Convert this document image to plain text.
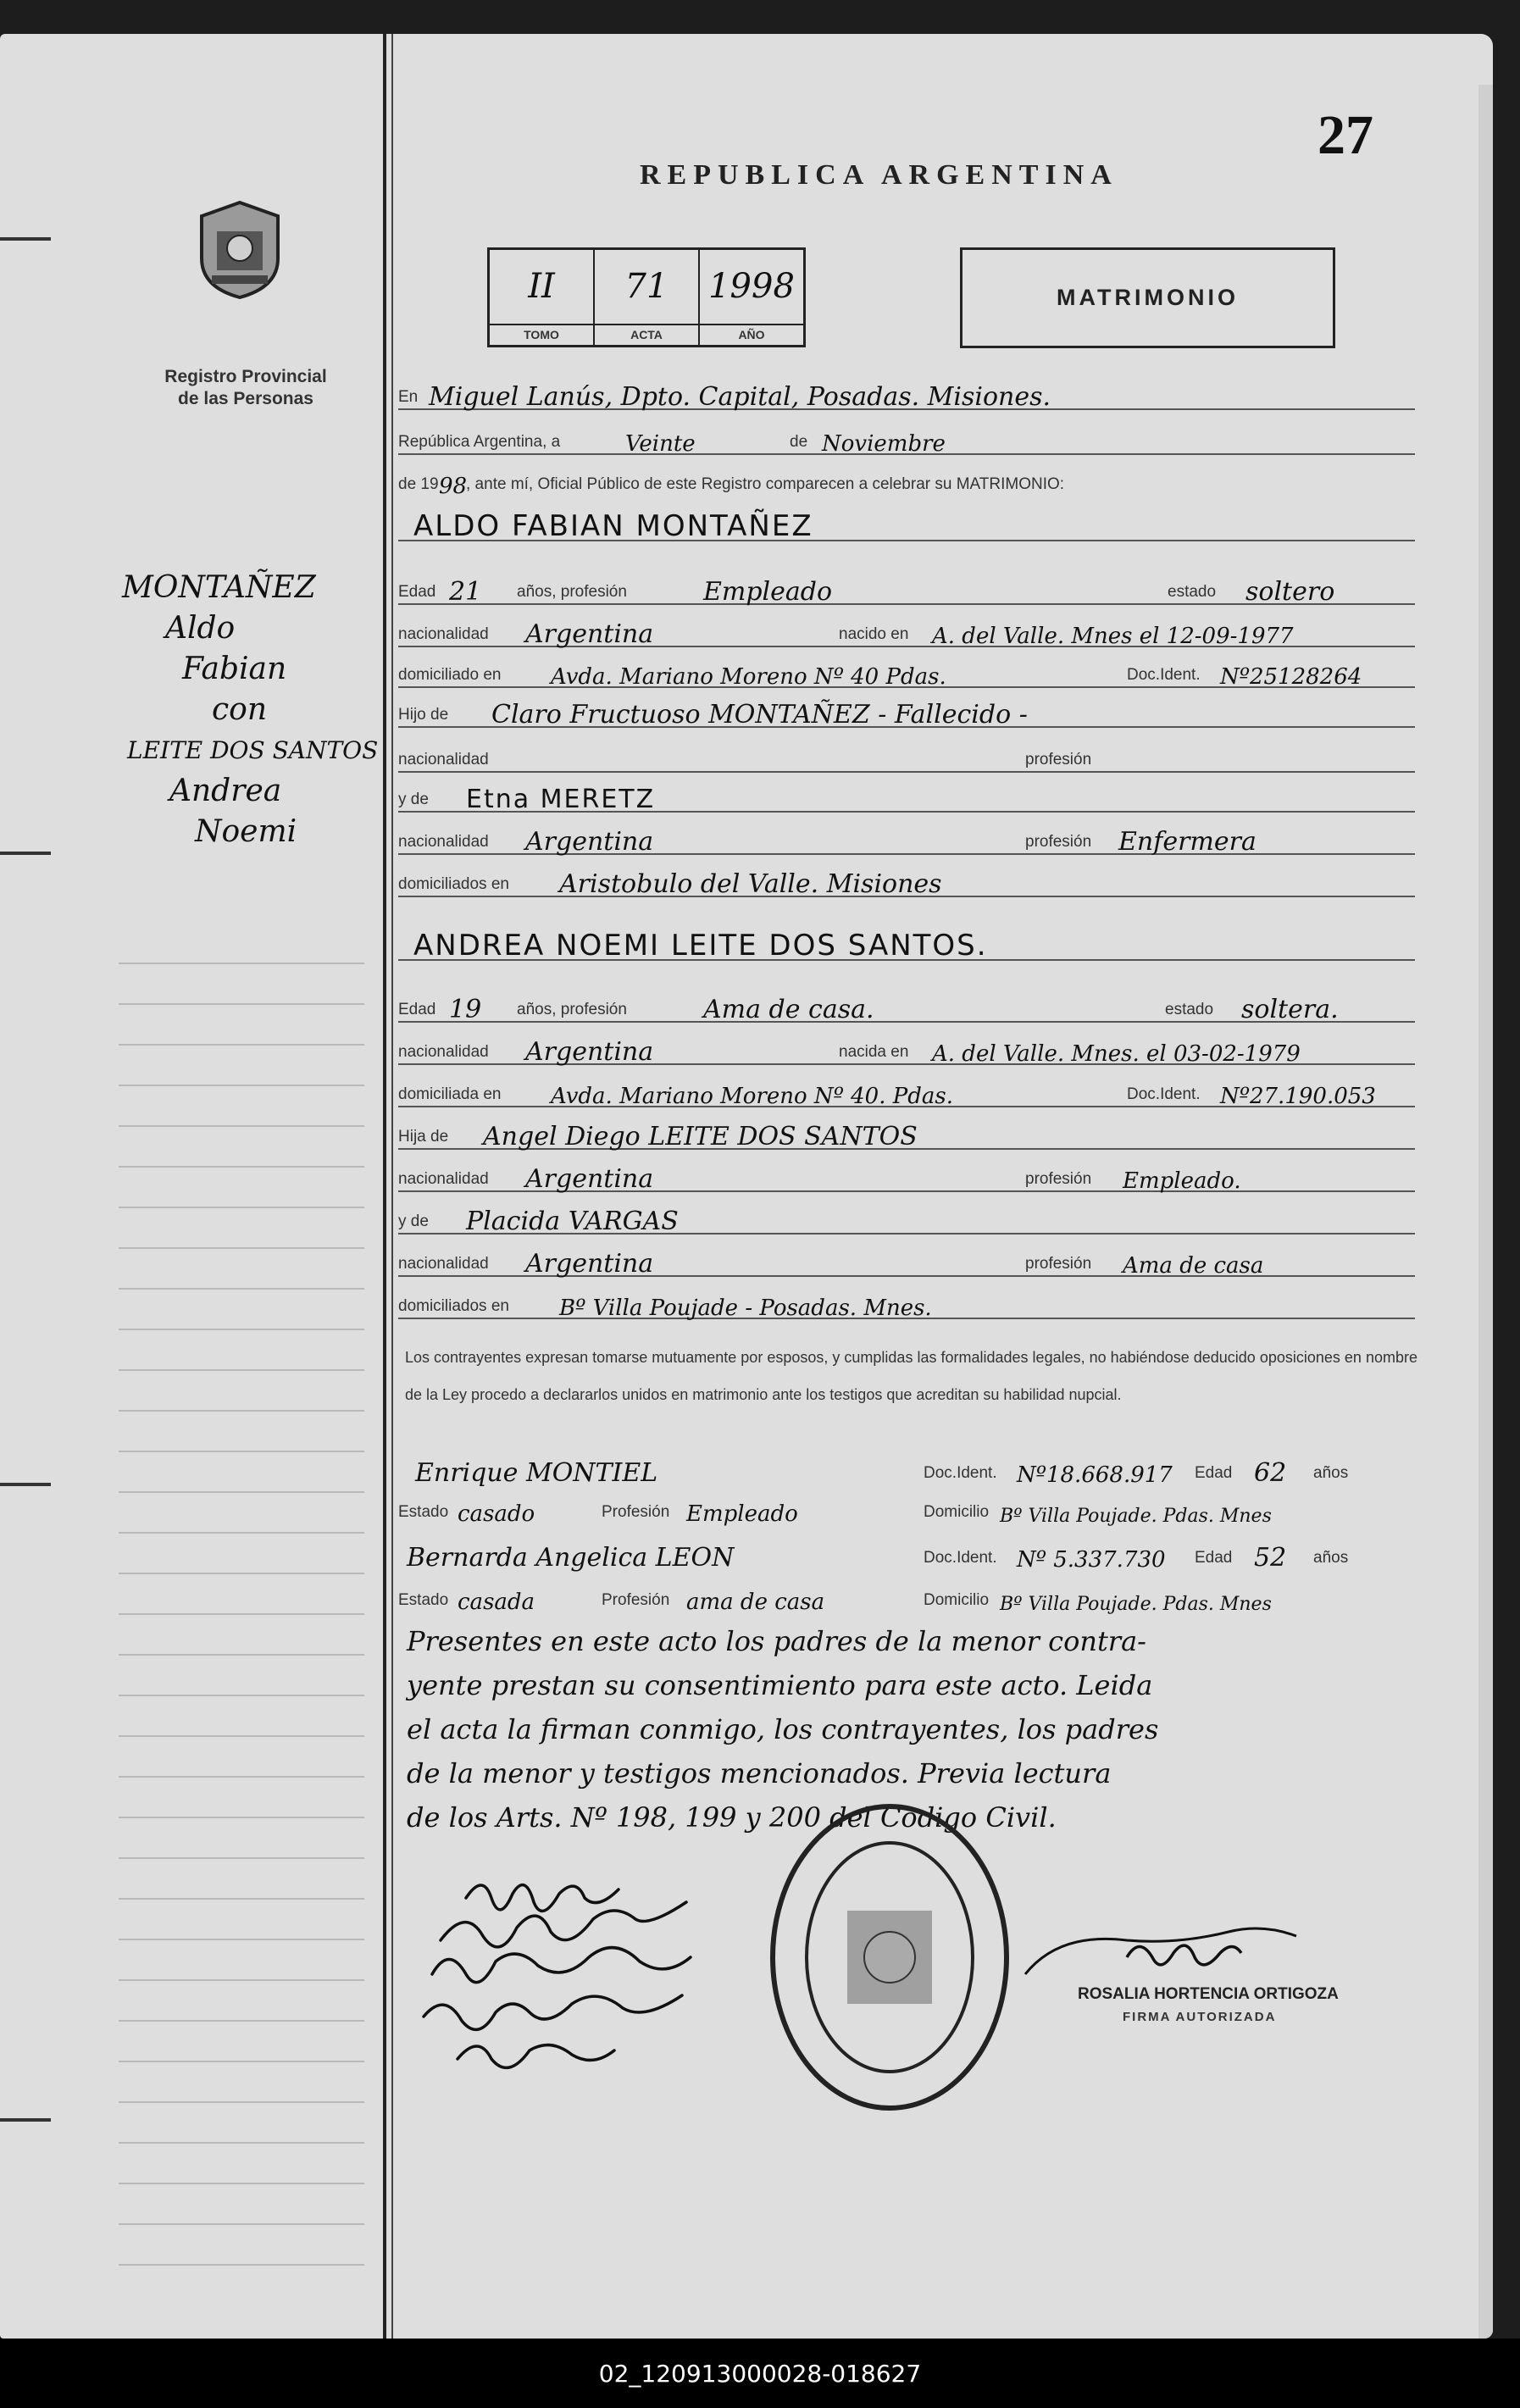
27
REPUBLICA ARGENTINA
Registro Provincial
de las Personas
II
TOMO
71
ACTA
1998
AÑO
MATRIMONIO
MONTAÑEZ
Aldo
Fabian
con
LEITE DOS SANTOS
Andrea
Noemi
En Miguel Lanús, Dpto. Capital, Posadas. Misiones.
República Argentina, a	Veinte	de Noviembre
de 19 98
, ante mí, Oficial Público de este Registro comparecen a celebrar su MATRIMONIO:
ALDO FABIAN MONTAÑEZ
Edad 21 años, profesión	Empleado	estado soltero
nacionalidad Argentina	nacido en A. del Valle. Mnes el 12-09-1977
domiciliado en Avda. Mariano Moreno Nº 40 Pdas.	Doc.Ident. Nº25128264
Hijo de Claro Fructuoso MONTAÑEZ - Fallecido -
nacionalidad	profesión
y de Etna MERETZ
nacionalidad Argentina	profesión Enfermera
domiciliados en Aristobulo del Valle. Misiones
ANDREA NOEMI LEITE DOS SANTOS.
Edad 19 años, profesión	Ama de casa.	estado soltera.
nacionalidad Argentina	nacida en A. del Valle. Mnes. el 03-02-1979
domiciliada en Avda. Mariano Moreno Nº 40. Pdas.	Doc.Ident. Nº27.190.053
Hija de Angel Diego LEITE DOS SANTOS
nacionalidad Argentina	profesión Empleado.
y de Placida VARGAS
nacionalidad Argentina	profesión Ama de casa
domiciliados en Bº Villa Poujade - Posadas. Mnes.
Los contrayentes expresan tomarse mutuamente por esposos, y cumplidas las formalidades legales, no habiéndose deducido oposiciones en nombre de la Ley procedo a declararlos unidos en matrimonio ante los testigos que acreditan su habilidad nupcial.
Enrique MONTIEL	Doc.Ident. Nº18.668.917 Edad 62 años
Estado casado	Profesión Empleado	Domicilio Bº Villa Poujade. Pdas. Mnes
Bernarda Angelica LEON	Doc.Ident. Nº 5.337.730 Edad 52 años
Estado casada	Profesión ama de casa	Domicilio Bº Villa Poujade. Pdas. Mnes
Presentes en este acto los padres de la menor contra-
yente prestan su consentimiento para este acto. Leida
el acta la firman conmigo, los contrayentes, los padres
de la menor y testigos mencionados. Previa lectura
de los Arts. Nº 198, 199 y 200 del Codigo Civil.
ROSALIA HORTENCIA ORTIGOZA
FIRMA AUTORIZADA
02_120913000028-018627
